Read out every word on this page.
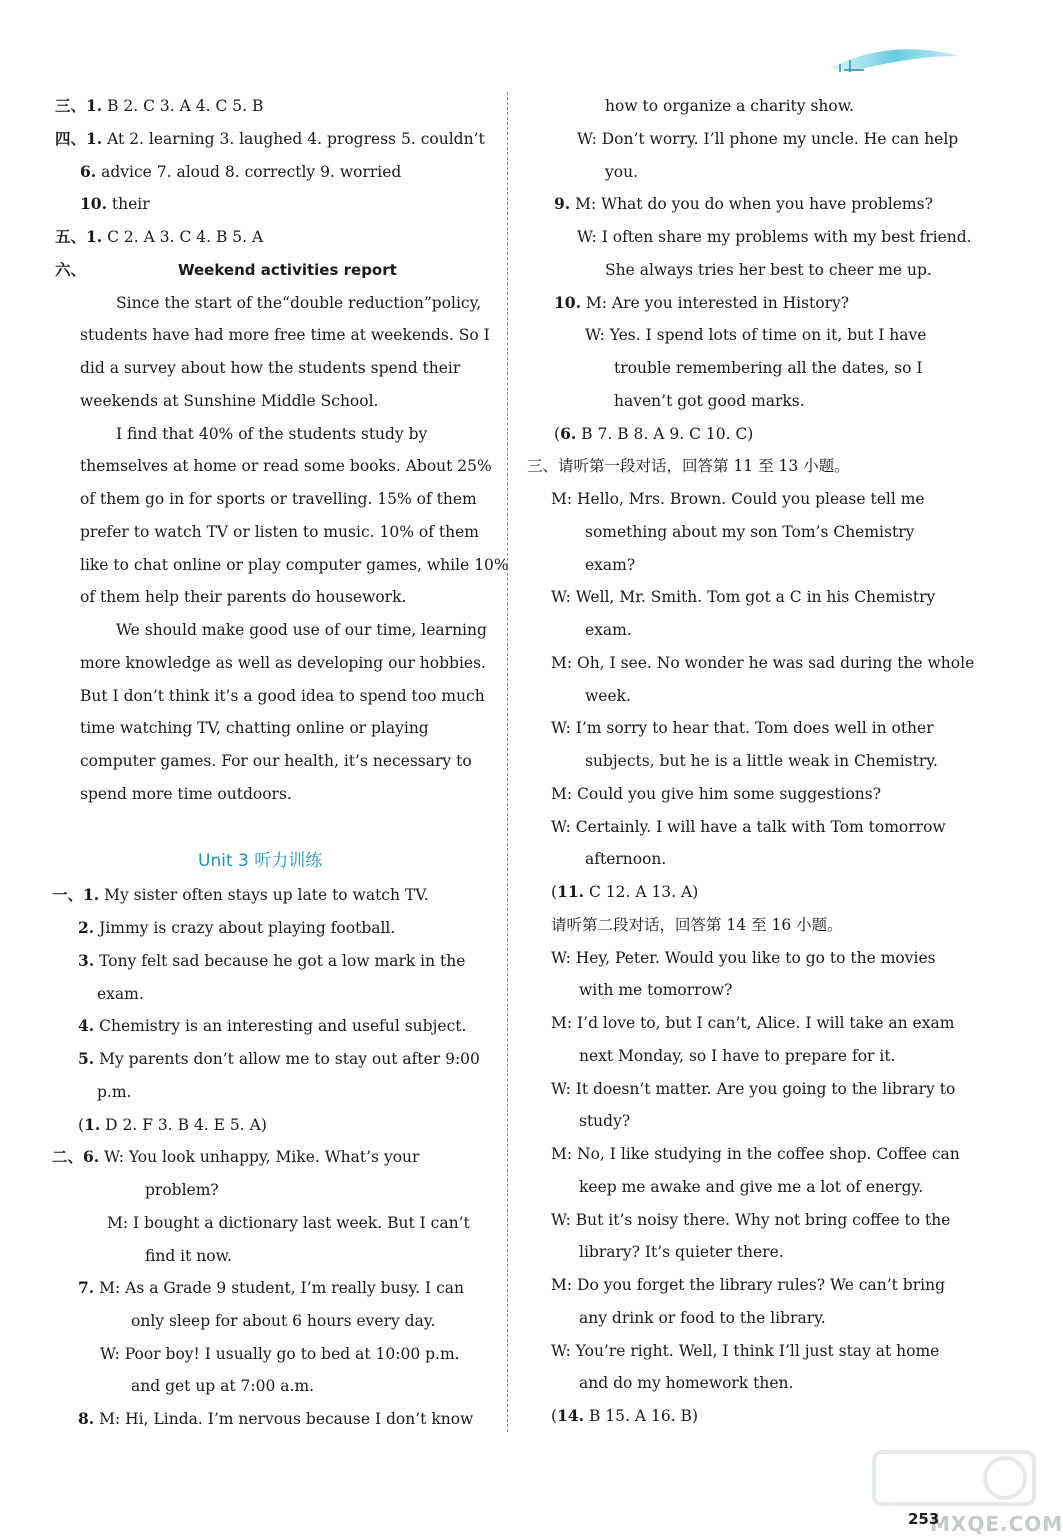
三、1. B 2. C 3. A 4. C 5. B
四、1. At 2. learning 3. laughed 4. progress 5. couldn’t
6. advice 7. aloud 8. correctly 9. worried
10. their
五、1. C 2. A 3. C 4. B 5. A
六、	Weekend activities report
Since the start of the“double reduction”policy,
students have had more free time at weekends. So I
did a survey about how the students spend their
weekends at Sunshine Middle School.
I find that 40% of the students study by
themselves at home or read some books. About 25%
of them go in for sports or travelling. 15% of them
prefer to watch TV or listen to music. 10% of them
like to chat online or play computer games, while 10%
of them help their parents do housework.
We should make good use of our time, learning
more knowledge as well as developing our hobbies.
But I don’t think it’s a good idea to spend too much
time watching TV, chatting online or playing
computer games. For our health, it’s necessary to
spend more time outdoors.
Unit 3 听力训练
一、1. My sister often stays up late to watch TV.
2. Jimmy is crazy about playing football.
3. Tony felt sad because he got a low mark in the
exam.
4. Chemistry is an interesting and useful subject.
5. My parents don’t allow me to stay out after 9:00
p.m.
(1. D 2. F 3. B 4. E 5. A)
二、6. W: You look unhappy, Mike. What’s your
problem?
M: I bought a dictionary last week. But I can’t
find it now.
7. M: As a Grade 9 student, I’m really busy. I can
only sleep for about 6 hours every day.
W: Poor boy! I usually go to bed at 10:00 p.m.
and get up at 7:00 a.m.
8. M: Hi, Linda. I’m nervous because I don’t know
how to organize a charity show.
W: Don’t worry. I’ll phone my uncle. He can help
you.
9. M: What do you do when you have problems?
W: I often share my problems with my best friend.
She always tries her best to cheer me up.
10. M: Are you interested in History?
W: Yes. I spend lots of time on it, but I have
trouble remembering all the dates, so I
haven’t got good marks.
(6. B 7. B 8. A 9. C 10. C)
三、请听第一段对话，回答第 11 至 13 小题。
M: Hello, Mrs. Brown. Could you please tell me
something about my son Tom’s Chemistry
exam?
W: Well, Mr. Smith. Tom got a C in his Chemistry
exam.
M: Oh, I see. No wonder he was sad during the whole
week.
W: I’m sorry to hear that. Tom does well in other
subjects, but he is a little weak in Chemistry.
M: Could you give him some suggestions?
W: Certainly. I will have a talk with Tom tomorrow
afternoon.
(11. C 12. A 13. A)
请听第二段对话，回答第 14 至 16 小题。
W: Hey, Peter. Would you like to go to the movies
with me tomorrow?
M: I’d love to, but I can’t, Alice. I will take an exam
next Monday, so I have to prepare for it.
W: It doesn’t matter. Are you going to the library to
study?
M: No, I like studying in the coffee shop. Coffee can
keep me awake and give me a lot of energy.
W: But it’s noisy there. Why not bring coffee to the
library? It’s quieter there.
M: Do you forget the library rules? We can’t bring
any drink or food to the library.
W: You’re right. Well, I think I’ll just stay at home
and do my homework then.
(14. B 15. A 16. B)
MXQE.COM
253
